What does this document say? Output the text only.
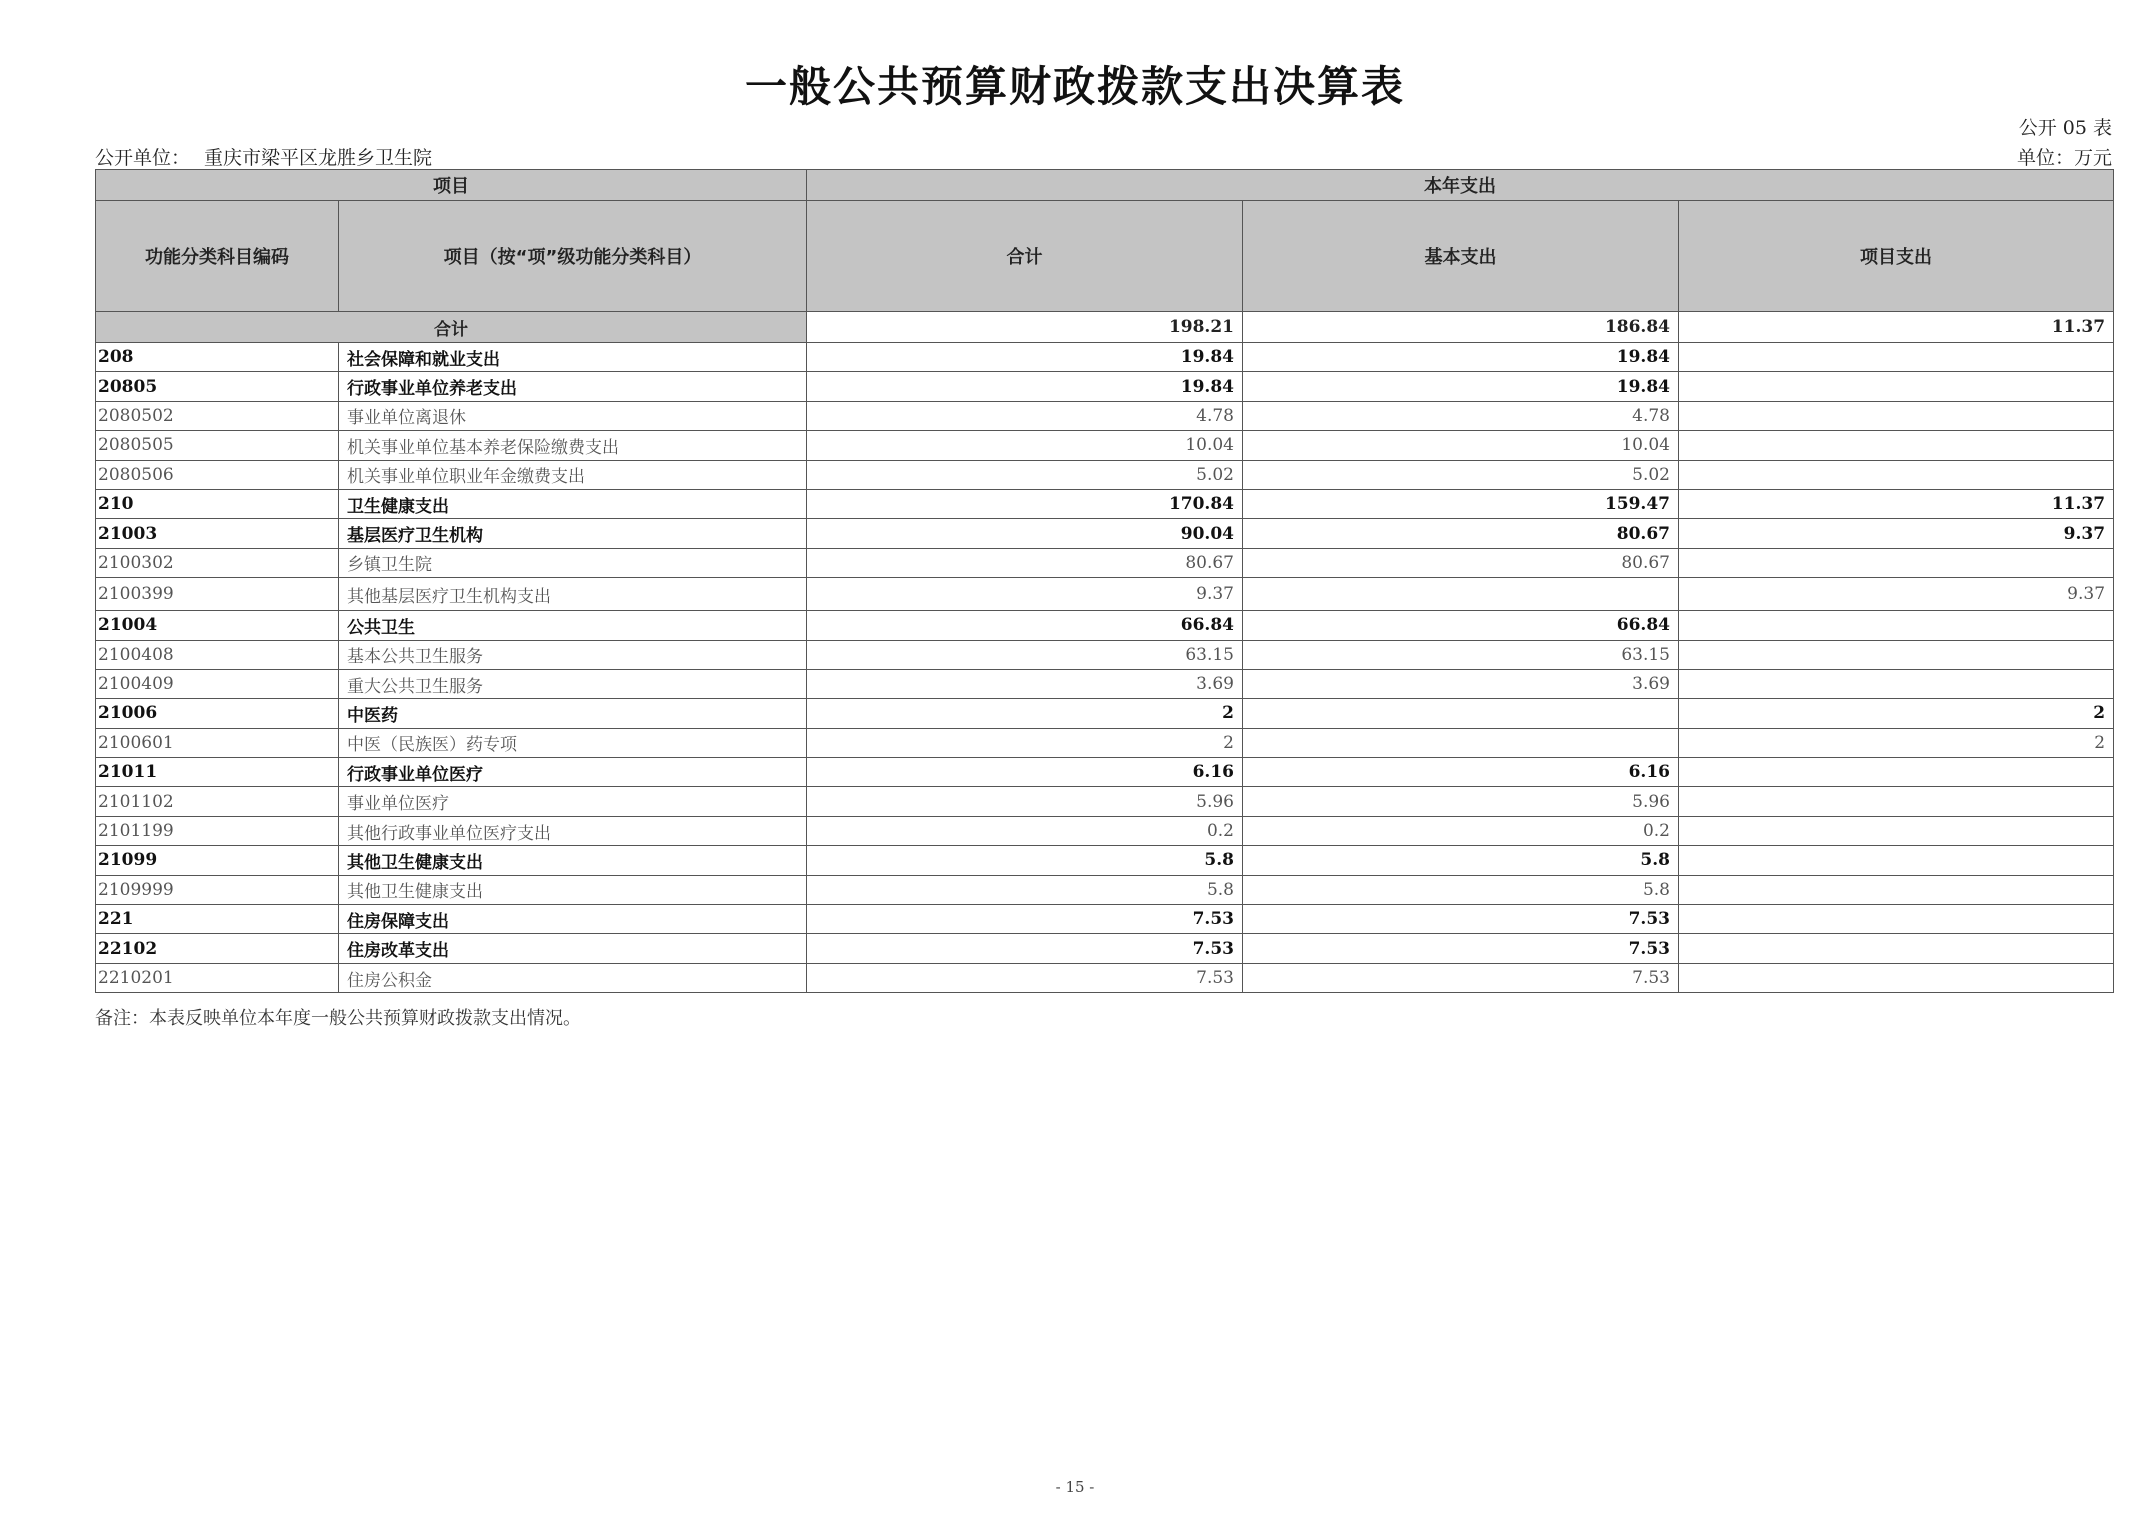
一般公共预算财政拨款支出决算表
公开 05 表
公开单位： 重庆市梁平区龙胜乡卫生院	单位：万元
项目		本年支出		
功能分类科目编码	项目（按“项”级功能分类科目）	合计	基本支出	项目支出
合计		198.21	186.84	11.37
208	社会保障和就业支出	19.84	19.84	
20805	行政事业单位养老支出	19.84	19.84	
2080502	事业单位离退休	4.78	4.78	
2080505	机关事业单位基本养老保险缴费支出	10.04	10.04	
2080506	机关事业单位职业年金缴费支出	5.02	5.02	
210	卫生健康支出	170.84	159.47	11.37
21003	基层医疗卫生机构	90.04	80.67	9.37
2100302	乡镇卫生院	80.67	80.67	
2100399	其他基层医疗卫生机构支出	9.37		9.37
21004	公共卫生	66.84	66.84	
2100408	基本公共卫生服务	63.15	63.15	
2100409	重大公共卫生服务	3.69	3.69	
21006	中医药	2		2
2100601	中医（民族医）药专项	2		2
21011	行政事业单位医疗	6.16	6.16	
2101102	事业单位医疗	5.96	5.96	
2101199	其他行政事业单位医疗支出	0.2	0.2	
21099	其他卫生健康支出	5.8	5.8	
2109999	其他卫生健康支出	5.8	5.8	
221	住房保障支出	7.53	7.53	
22102	住房改革支出	7.53	7.53	
2210201	住房公积金	7.53	7.53	
备注：本表反映单位本年度一般公共预算财政拨款支出情况。
- 15 -
